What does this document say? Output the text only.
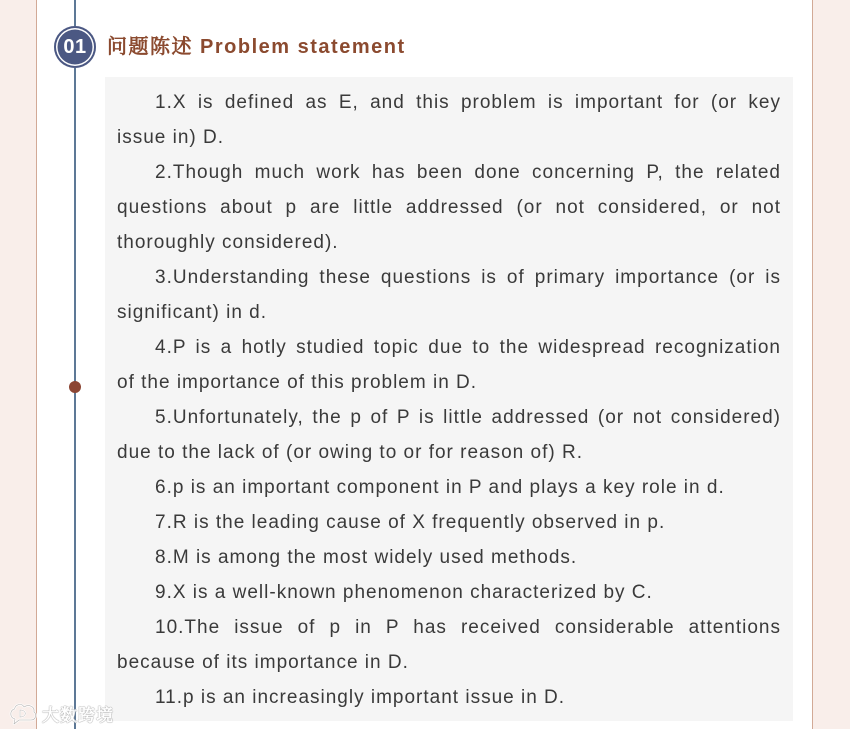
01	问题陈述 Problem statement
1.X is defined as E, and this problem is important for (or key
issue in) D.
2.Though much work has been done concerning P, the related
questions about p are little addressed (or not considered, or not
thoroughly considered).
3.Understanding these questions is of primary importance (or is
significant) in d.
4.P is a hotly studied topic due to the widespread recognization
of the importance of this problem in D.
5.Unfortunately, the p of P is little addressed (or not considered)
due to the lack of (or owing to or for reason of) R.
6.p is an important component in P and plays a key role in d.
7.R is the leading cause of X frequently observed in p.
8.M is among the most widely used methods.
9.X is a well-known phenomenon characterized by C.
10.The issue of p in P has received considerable attentions
because of its importance in D.
11.p is an increasingly important issue in D.
大数跨境
